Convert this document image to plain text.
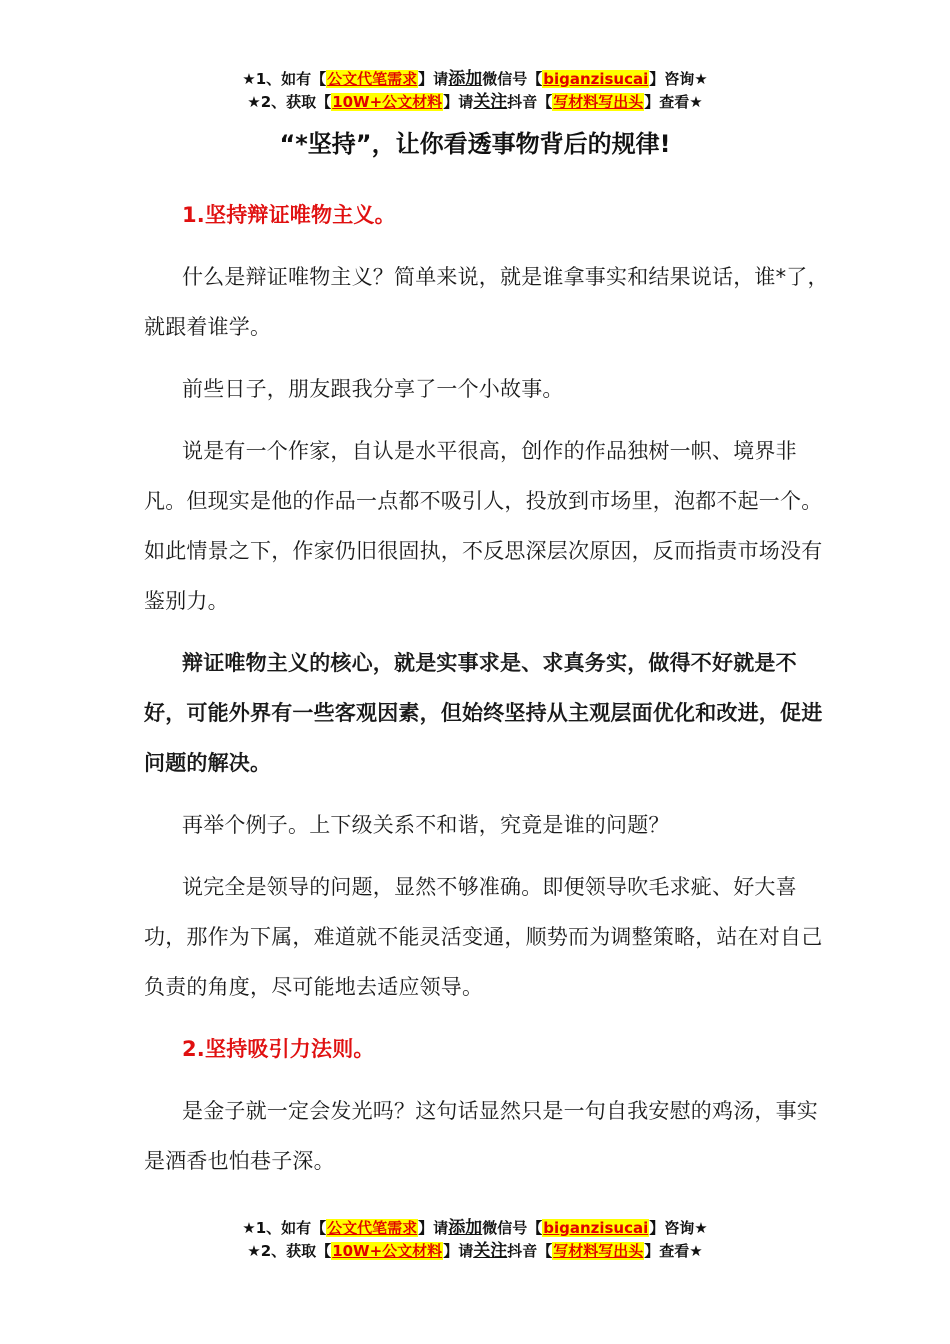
★1、如有【公文代笔需求】请添加微信号【biganzisucai】咨询★
★2、获取【10W+公文材料】请关注抖音【写材料写出头】查看★
“*坚持”，让你看透事物背后的规律!

1.坚持辩证唯物主义。

什么是辩证唯物主义？简单来说，就是谁拿事实和结果说话，谁*了，就跟着谁学。

前些日子，朋友跟我分享了一个小故事。

说是有一个作家，自认是水平很高，创作的作品独树一帜、境界非凡。但现实是他的作品一点都不吸引人，投放到市场里，泡都不起一个。如此情景之下，作家仍旧很固执，不反思深层次原因，反而指责市场没有鉴别力。

辩证唯物主义的核心，就是实事求是、求真务实，做得不好就是不好，可能外界有一些客观因素，但始终坚持从主观层面优化和改进，促进问题的解决。

再举个例子。上下级关系不和谐，究竟是谁的问题？

说完全是领导的问题，显然不够准确。即便领导吹毛求疵、好大喜功，那作为下属，难道就不能灵活变通，顺势而为调整策略，站在对自己负责的角度，尽可能地去适应领导。

2.坚持吸引力法则。

是金子就一定会发光吗？这句话显然只是一句自我安慰的鸡汤，事实是酒香也怕巷子深。

★1、如有【公文代笔需求】请添加微信号【biganzisucai】咨询★
★2、获取【10W+公文材料】请关注抖音【写材料写出头】查看★
